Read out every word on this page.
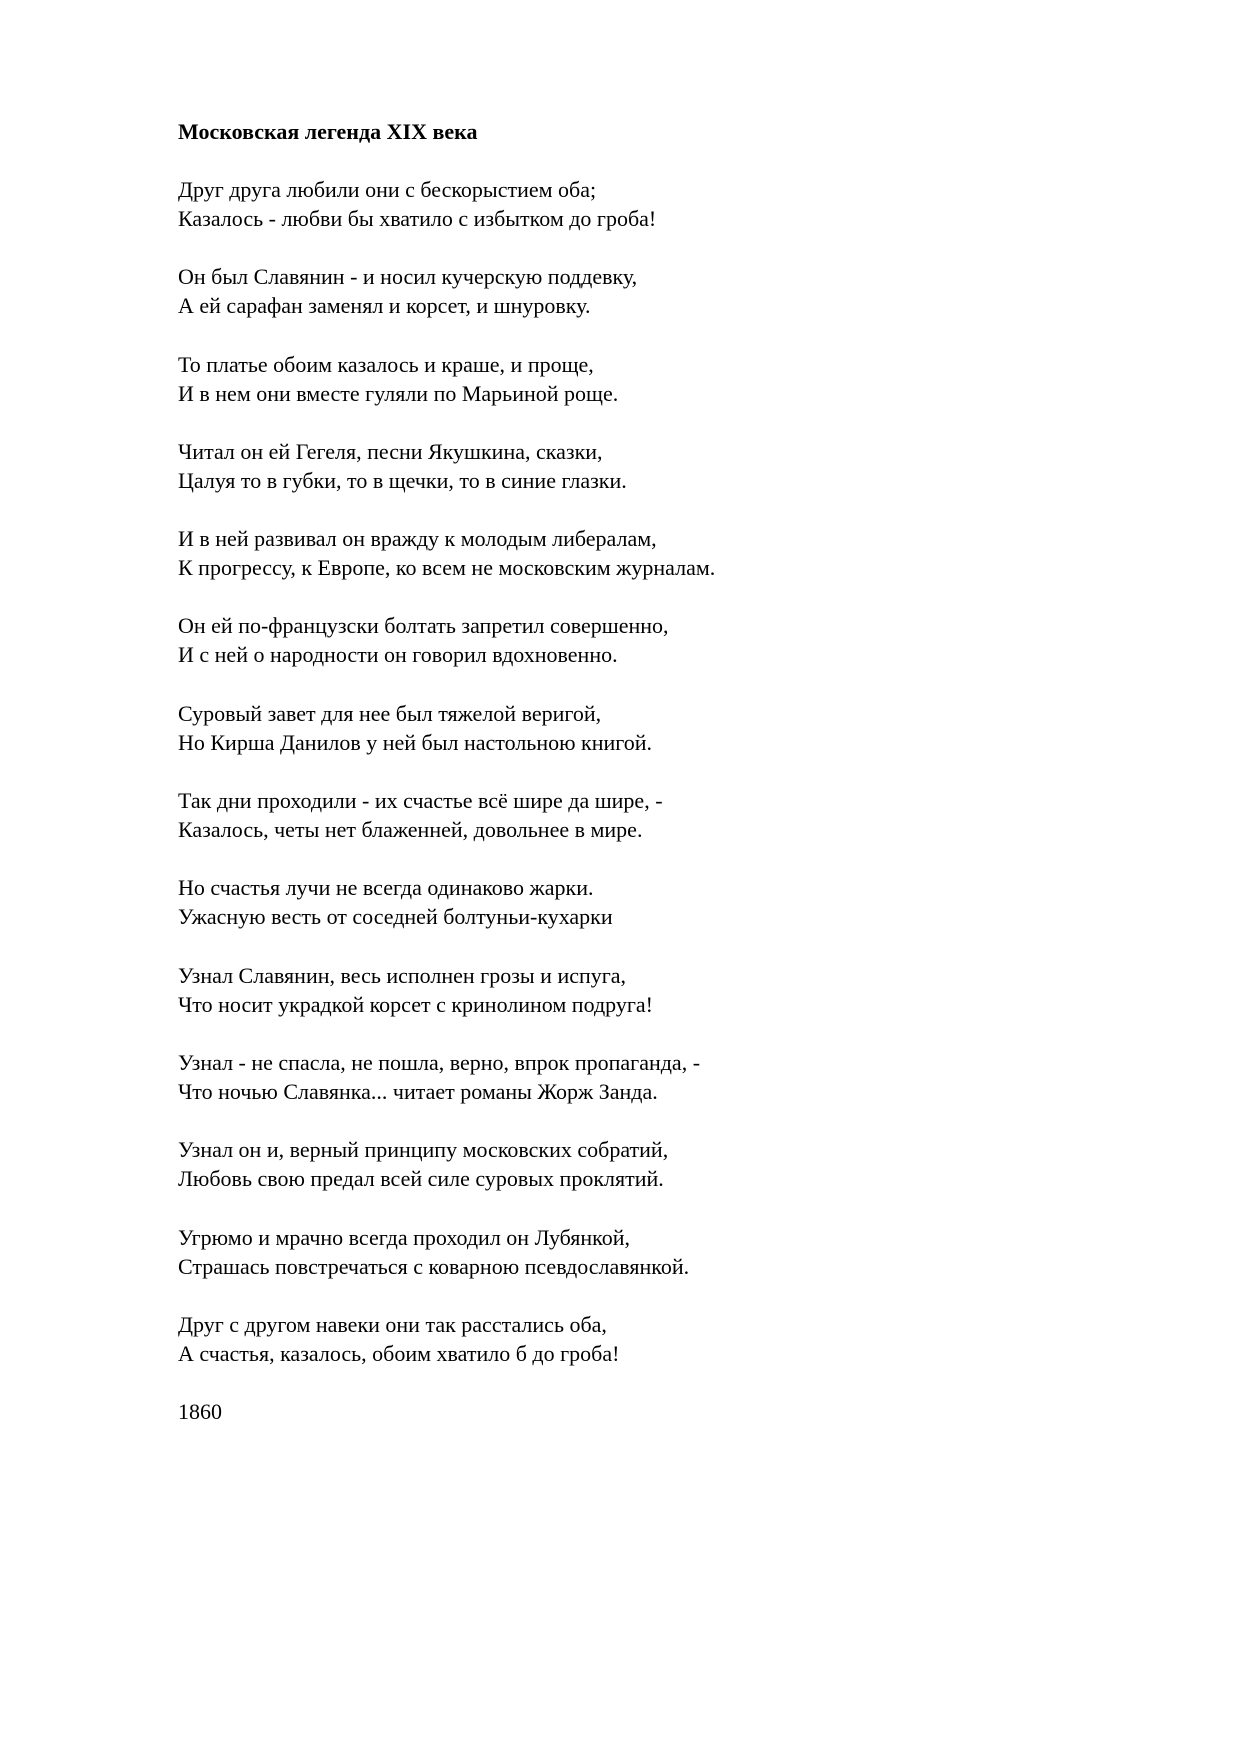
Московская легенда XIX века
Друг друга любили они с бескорыстием оба;
Казалось - любви бы хватило с избытком до гроба!
Он был Славянин - и носил кучерскую поддевку,
А ей сарафан заменял и корсет, и шнуровку.
То платье обоим казалось и краше, и проще,
И в нем они вместе гуляли по Марьиной роще.
Читал он ей Гегеля, песни Якушкина, сказки,
Цалуя то в губки, то в щечки, то в синие глазки.
И в ней развивал он вражду к молодым либералам,
К прогрессу, к Европе, ко всем не московским журналам.
Он ей по-французски болтать запретил совершенно,
И с ней о народности он говорил вдохновенно.
Суровый завет для нее был тяжелой веригой,
Но Кирша Данилов у ней был настольною книгой.
Так дни проходили - их счастье всё шире да шире, -
Казалось, четы нет блаженней, довольнее в мире.
Но счастья лучи не всегда одинаково жарки.
Ужасную весть от соседней болтуньи-кухарки
Узнал Славянин, весь исполнен грозы и испуга,
Что носит украдкой корсет с кринолином подруга!
Узнал - не спасла, не пошла, верно, впрок пропаганда, -
Что ночью Славянка... читает романы Жорж Занда.
Узнал он и, верный принципу московских собратий,
Любовь свою предал всей силе суровых проклятий.
Угрюмо и мрачно всегда проходил он Лубянкой,
Страшась повстречаться с коварною псевдославянкой.
Друг с другом навеки они так расстались оба,
А счастья, казалось, обоим хватило б до гроба!
1860
